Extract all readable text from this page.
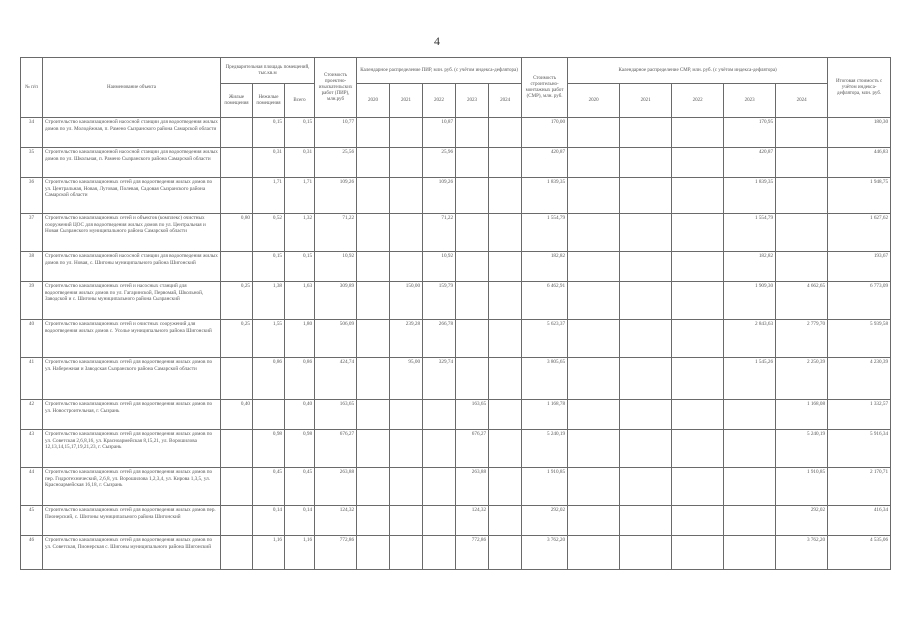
4
№ п/п	Наименование объекта	Предварительная площадь помещений, тыс.кв.м			Стоимость проектно-изыскательских работ (ПИР), млн.руб	Календарное распределение ПИР, млн. руб. (с учётом индекса-дефлятора)					Стоимость строительно-монтажных работ (СМР), млн. руб.	Календарное распределение СМР, млн. руб. (с учётом индекса-дефлятора)					Итоговая стоимость с учётом индекса-дефлятора, млн. руб.
		Жилые помещения	Нежилые помещения	Всего		2020	2021	2022	2023	2024		2020	2021	2022	2023	2024	
34	Строительство канализационной насосной станции для водоотведения жилых домов по ул. Молодёжная, п. Рамено Сызранского района Самарской области		0,15	0,15	10,77			10,87			170,00				170,95		180,30
35	Строительство канализационной насосной станции для водоотведения жилых домов по ул. Школьная, п. Рамено Сызранского района Самарской области		0,31	0,31	25,56			25,96			420,87				420,87		446,83
36	Строительство канализационных сетей для водоотведения жилых домов по ул. Центральная, Новая, Луговая, Полевая, Садовая Сызранского района Самарской области		1,71	1,71	109,26			109,26			1 839,35				1 839,35		1 948,75
37	Строительство канализационных сетей и объектов (комплекс) очистных сооружений ЦОС для водоотведения жилых домов по ул. Центральная и Новая Сызранского муниципального района Самарской области	0,80	0,52	1,32	71,22			71,22			1 554,79				1 554,79		1 627,62
38	Строительство канализационной насосной станции для водоотведения жилых домов по ул. Новая, с. Шигоны муниципального района Шигонский		0,15	0,15	10,92			10,92			182,82				182,82		193,67
39	Строительство канализационных сетей и насосных станций для водоотведения жилых домов по ул. Гагаринской, Первомай, Школьной, Заводской и с. Шигоны муниципального района Сызранский	0,25	1,38	1,63	309,89		150,00	159,79			6 462,91				1 909,30	4 662,65	6 773,09
40	Строительство канализационных сетей и очистных сооружений для водоотведения жилых домов с. Усолье муниципального района Шигонский	0,25	1,55	1,80	506,09		239,28	266,78			5 623,37				2 843,63	2 779,70	5 939,58
41	Строительство канализационных сетей для водоотведения жилых домов по ул. Набережная и Заводская Сызранского района Самарской области		0,86	0,86	424,74		95,00	329,74			3 805,65				1 545,26	2 250,39	4 230,39
42	Строительство канализационных сетей для водоотведения жилых домов по ул. Новостроительная, г. Сызрань	0,40		0,40	163,65				163,65		1 168,78					1 168,08	1 332,57
43	Строительство канализационных сетей для водоотведения жилых домов по ул. Советская 2,6,8,16, ул. Красноармейская 8,15,21, ул. Ворошилова 12,13,14,15,17,19,21,23, г. Сызрань		0,98	0,98	676,27				676,27		5 240,19					5 240,19	5 916,34
44	Строительство канализационных сетей для водоотведения жилых домов по пер. Гидротехнический, 2,6,8, ул. Ворошилова 1,2,3,4, ул. Кирова 1,3,5, ул. Красноармейская 16,18, г. Сызрань		0,45	0,45	263,88				263,88		1 910,85					1 910,85	2 170,71
45	Строительство канализационных сетей для водоотведения жилых домов пер. Пионерский, с. Шигоны муниципального района Шигонский		0,14	0,14	124,32				124,32		292,02					292,02	416,34
46	Строительство канализационных сетей для водоотведения жилых домов по ул. Советская, Пионерская с. Шигоны муниципального района Шигонский		1,16	1,16	772,86				772,86		3 762,20					3 762,20	4 535,06
